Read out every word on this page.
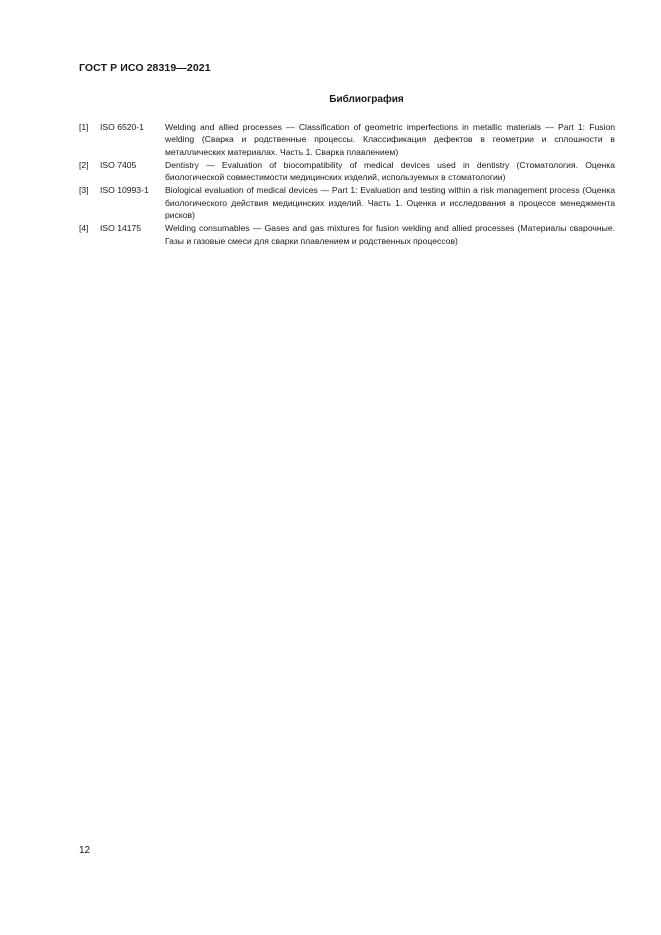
ГОСТ Р ИСО 28319—2021
Библиография
[1]	ISO 6520-1	Welding and allied processes — Classification of geometric imperfections in metallic materials — Part 1: Fusion welding (Сварка и родственные процессы. Классификация дефектов в геометрии и сплошности в металлических материалах. Часть 1. Сварка плавлением)
[2]	ISO 7405	Dentistry — Evaluation of biocompatibility of medical devices used in dentistry (Стоматология. Оценка биологической совместимости медицинских изделий, используемых в стоматологии)
[3]	ISO 10993-1	Biological evaluation of medical devices — Part 1: Evaluation and testing within a risk management process (Оценка биологического действия медицинских изделий. Часть 1. Оценка и исследования в процессе менеджмента рисков)
[4]	ISO 14175	Welding consumables — Gases and gas mixtures for fusion welding and allied processes (Материалы сварочные. Газы и газовые смеси для сварки плавлением и родственных процессов)
12
